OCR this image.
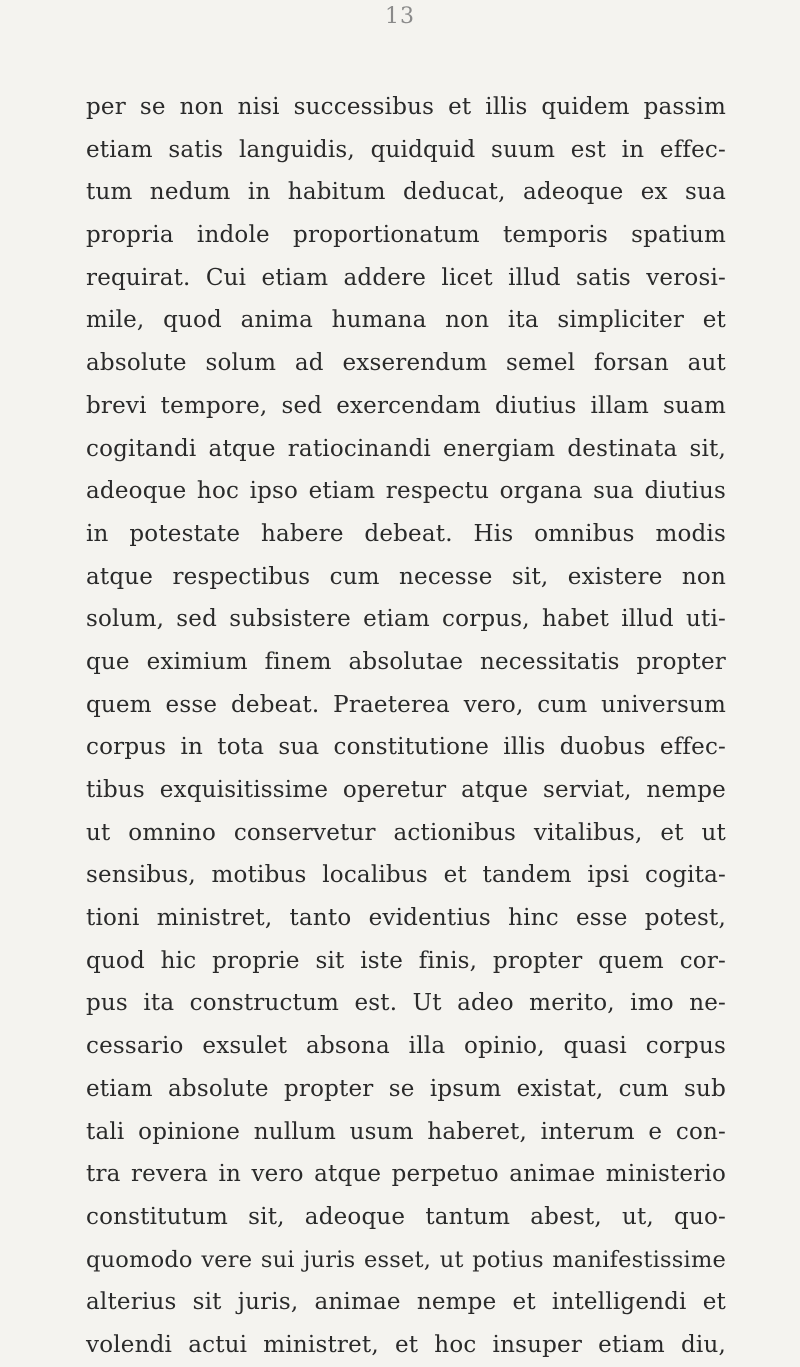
13
per se non nisi successibus et illis quidem passim
etiam satis languidis, quidquid suum est in effec-
tum nedum in habitum deducat, adeoque ex sua
propria indole proportionatum temporis spatium
requirat. Cui etiam addere licet illud satis verosi-
mile, quod anima humana non ita simpliciter et
absolute solum ad exserendum semel forsan aut
brevi tempore, sed exercendam diutius illam suam
cogitandi atque ratiocinandi energiam destinata sit,
adeoque hoc ipso etiam respectu organa sua diutius
in potestate habere debeat. His omnibus modis
atque respectibus cum necesse sit, existere non
solum, sed subsistere etiam corpus, habet illud uti-
que eximium finem absolutae necessitatis propter
quem esse debeat. Praeterea vero, cum universum
corpus in tota sua constitutione illis duobus effec-
tibus exquisitissime operetur atque serviat, nempe
ut omnino conservetur actionibus vitalibus, et ut
sensibus, motibus localibus et tandem ipsi cogita-
tioni ministret, tanto evidentius hinc esse potest,
quod hic proprie sit iste finis, propter quem cor-
pus ita constructum est. Ut adeo merito, imo ne-
cessario exsulet absona illa opinio, quasi corpus
etiam absolute propter se ipsum existat, cum sub
tali opinione nullum usum haberet, interum e con-
tra revera in vero atque perpetuo animae ministerio
constitutum sit, adeoque tantum abest, ut, quo-
quomodo vere sui juris esset, ut potius manifestissime
alterius sit juris, animae nempe et intelligendi et
volendi actui ministret, et hoc insuper etiam diu,
